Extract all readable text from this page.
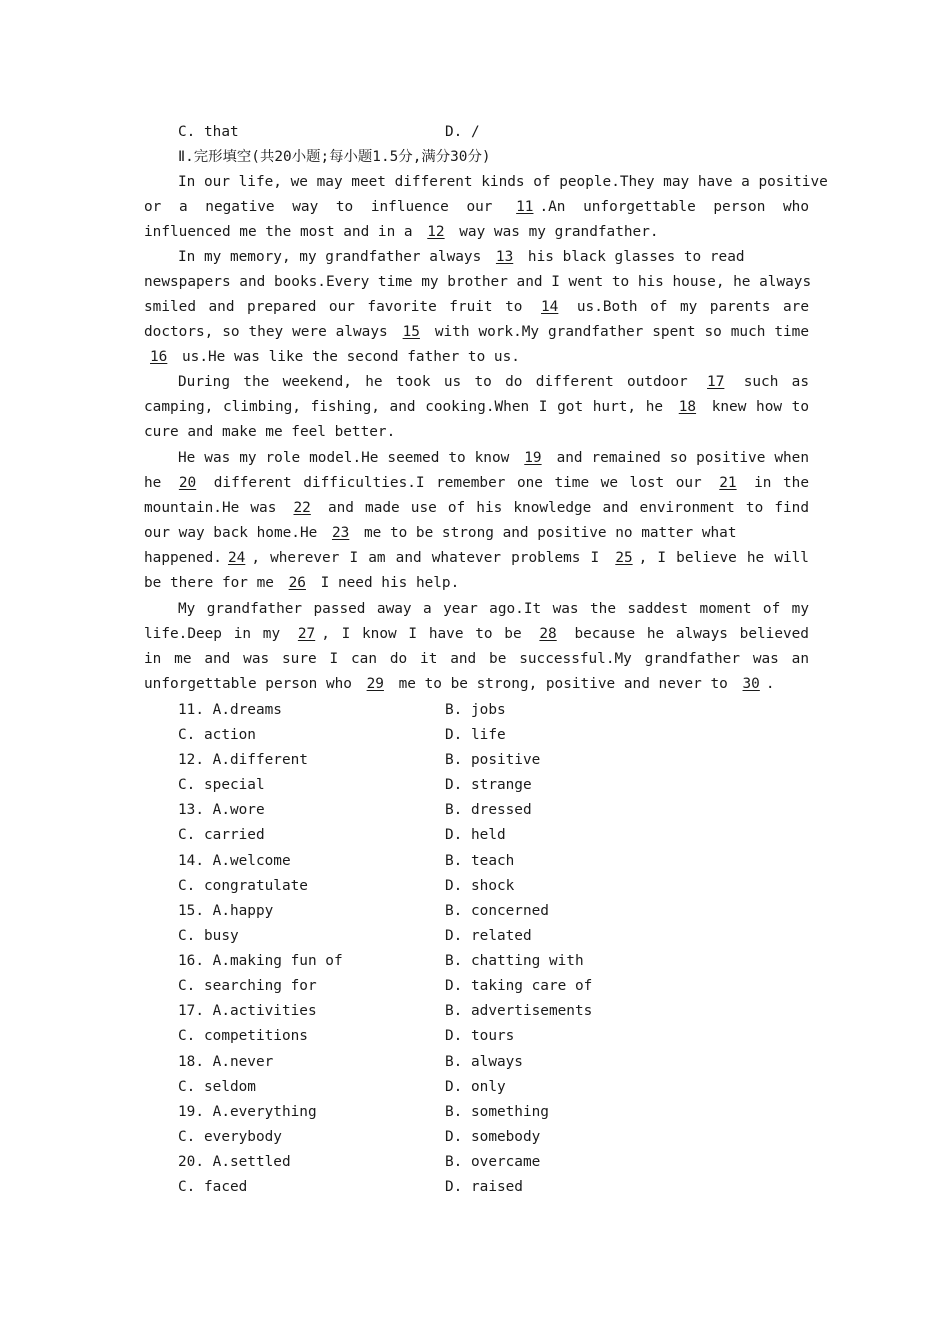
C. that	D. /
Ⅱ.完形填空(共20小题;每小题1.5分,满分30分)
In our life, we may meet different kinds of people.They may have a positive
or a negative way to influence our 11 .An unforgettable person who
influenced me the most and in a 12 way was my grandfather.
In my memory, my grandfather always 13 his black glasses to read
newspapers and books.Every time my brother and I went to his house, he always
smiled and prepared our favorite fruit to 14 us.Both of my parents are
doctors, so they were always 15 with work.My grandfather spent so much time
16 us.He was like the second father to us.
During the weekend, he took us to do different outdoor 17 such as
camping, climbing, fishing, and cooking.When I got hurt, he 18 knew how to
cure and make me feel better.
He was my role model.He seemed to know 19 and remained so positive when
he 20 different difficulties.I remember one time we lost our 21 in the
mountain.He was 22 and made use of his knowledge and environment to find
our way back home.He 23 me to be strong and positive no matter what
happened. 24 , wherever I am and whatever problems I 25 , I believe he will
be there for me 26 I need his help.
My grandfather passed away a year ago.It was the saddest moment of my
life.Deep in my 27 , I know I have to be 28 because he always believed
in me and was sure I can do it and be successful.My grandfather was an
unforgettable person who 29 me to be strong, positive and never to 30 .
11. A.dreams	B. jobs
C. action	D. life
12. A.different	B. positive
C. special	D. strange
13. A.wore	B. dressed
C. carried	D. held
14. A.welcome	B. teach
C. congratulate	D. shock
15. A.happy	B. concerned
C. busy	D. related
16. A.making fun of	B. chatting with
C. searching for	D. taking care of
17. A.activities	B. advertisements
C. competitions	D. tours
18. A.never	B. always
C. seldom	D. only
19. A.everything	B. something
C. everybody	D. somebody
20. A.settled	B. overcame
C. faced	D. raised
